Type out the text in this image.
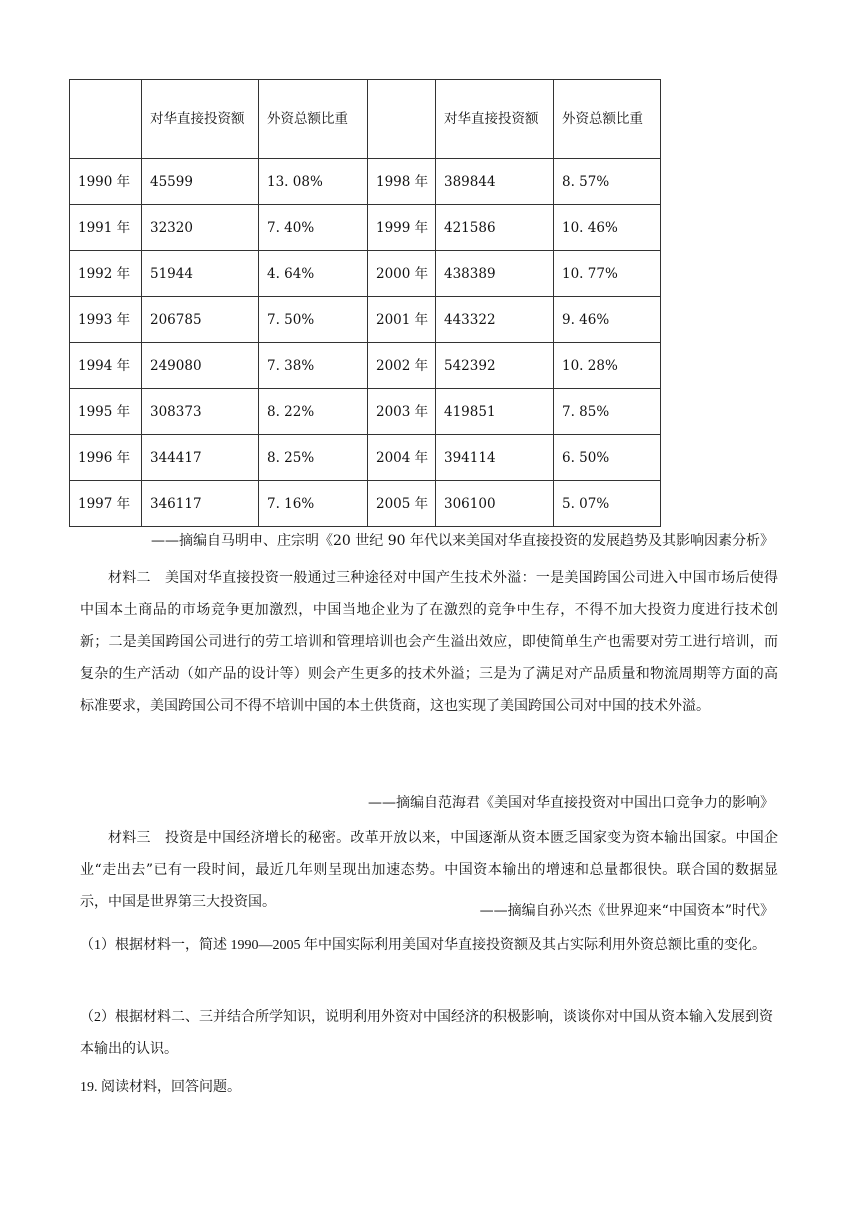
	对华直接投资额	外资总额比重		对华直接投资额	外资总额比重
1990 年	45599	13. 08%	1998 年	389844	8. 57%
1991 年	32320	7. 40%	1999 年	421586	10. 46%
1992 年	51944	4. 64%	2000 年	438389	10. 77%
1993 年	206785	7. 50%	2001 年	443322	9. 46%
1994 年	249080	7. 38%	2002 年	542392	10. 28%
1995 年	308373	8. 22%	2003 年	419851	7. 85%
1996 年	344417	8. 25%	2004 年	394114	6. 50%
1997 年	346117	7. 16%	2005 年	306100	5. 07%
——摘编自马明申、庄宗明《20 世纪 90 年代以来美国对华直接投资的发展趋势及其影响因素分析》
材料二　美国对华直接投资一般通过三种途径对中国产生技术外溢：一是美国跨国公司进入中国市场后使得中国本土商品的市场竞争更加激烈，中国当地企业为了在激烈的竞争中生存，不得不加大投资力度进行技术创新；二是美国跨国公司进行的劳工培训和管理培训也会产生溢出效应，即使简单生产也需要对劳工进行培训，而复杂的生产活动（如产品的设计等）则会产生更多的技术外溢；三是为了满足对产品质量和物流周期等方面的高标准要求，美国跨国公司不得不培训中国的本土供货商，这也实现了美国跨国公司对中国的技术外溢。
——摘编自范海君《美国对华直接投资对中国出口竞争力的影响》
材料三　投资是中国经济增长的秘密。改革开放以来，中国逐渐从资本匮乏国家变为资本输出国家。中国企业“走出去”已有一段时间，最近几年则呈现出加速态势。中国资本输出的增速和总量都很快。联合国的数据显示，中国是世界第三大投资国。
——摘编自孙兴杰《世界迎来“中国资本”时代》
（1）根据材料一，简述 1990—2005 年中国实际利用美国对华直接投资额及其占实际利用外资总额比重的变化。
（2）根据材料二、三并结合所学知识，说明利用外资对中国经济的积极影响，谈谈你对中国从资本输入发展到资本输出的认识。
19. 阅读材料，回答问题。
